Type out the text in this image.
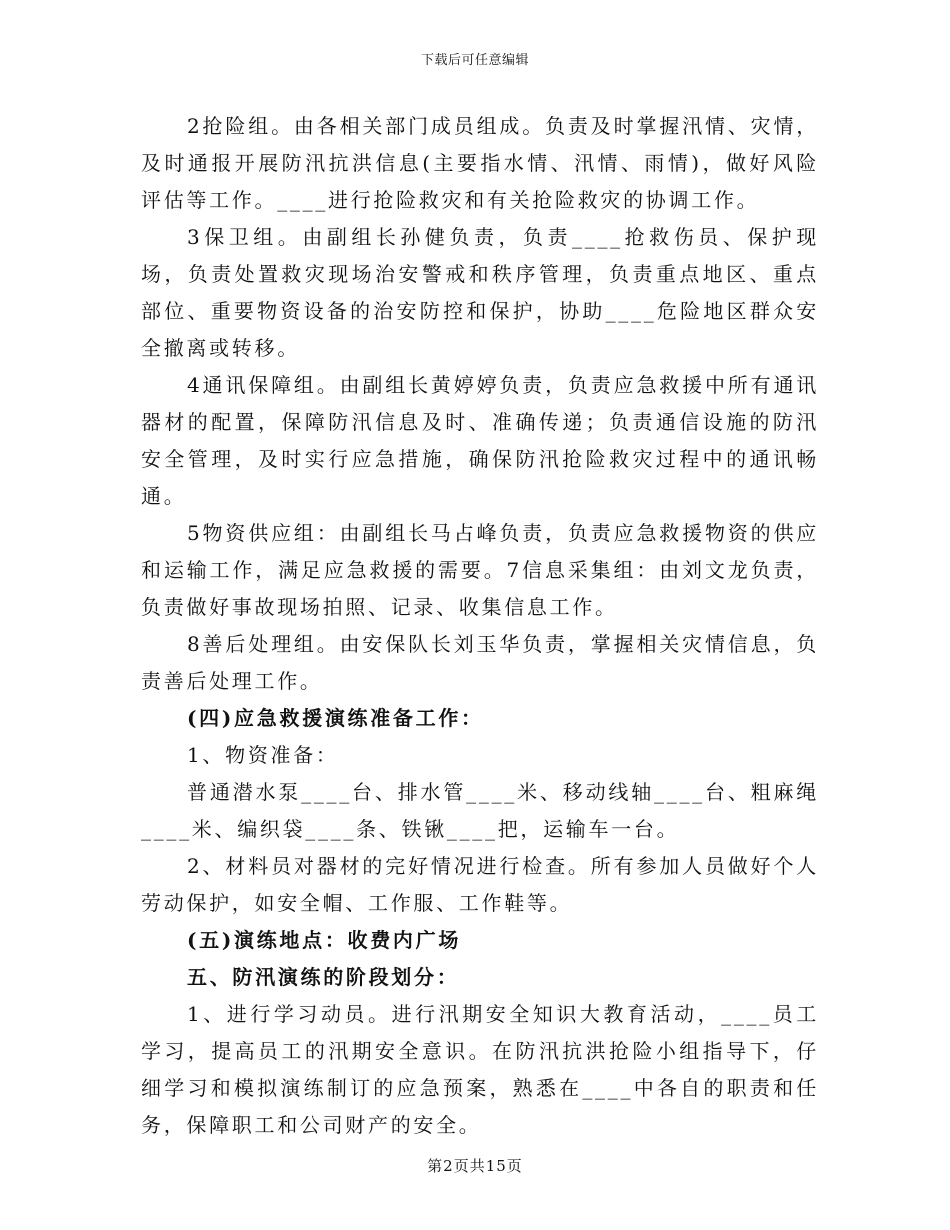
下载后可任意编辑

2抢险组。由各相关部门成员组成。负责及时掌握汛情、灾情，及时通报开展防汛抗洪信息(主要指水情、汛情、雨情)，做好风险评估等工作。____进行抢险救灾和有关抢险救灾的协调工作。

3保卫组。由副组长孙健负责，负责____抢救伤员、保护现场，负责处置救灾现场治安警戒和秩序管理，负责重点地区、重点部位、重要物资设备的治安防控和保护，协助____危险地区群众安全撤离或转移。

4通讯保障组。由副组长黄婷婷负责，负责应急救援中所有通讯器材的配置，保障防汛信息及时、准确传递；负责通信设施的防汛安全管理，及时实行应急措施，确保防汛抢险救灾过程中的通讯畅通。

5物资供应组：由副组长马占峰负责，负责应急救援物资的供应和运输工作，满足应急救援的需要。7信息采集组：由刘文龙负责，负责做好事故现场拍照、记录、收集信息工作。

8善后处理组。由安保队长刘玉华负责，掌握相关灾情信息，负责善后处理工作。

(四)应急救援演练准备工作：

1、物资准备：

普通潜水泵____台、排水管____米、移动线轴____台、粗麻绳____米、编织袋____条、铁锹____把，运输车一台。

2、材料员对器材的完好情况进行检查。所有参加人员做好个人劳动保护，如安全帽、工作服、工作鞋等。

(五)演练地点：收费内广场

五、防汛演练的阶段划分：

1、进行学习动员。进行汛期安全知识大教育活动，____员工学习，提高员工的汛期安全意识。在防汛抗洪抢险小组指导下，仔细学习和模拟演练制订的应急预案，熟悉在____中各自的职责和任务，保障职工和公司财产的安全。

第2页共15页
